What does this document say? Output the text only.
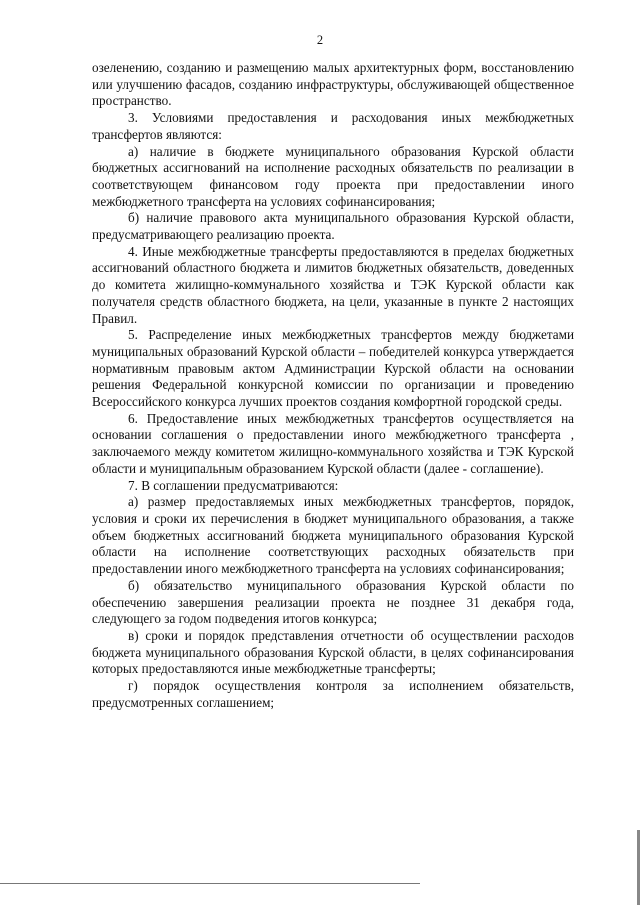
2

озеленению, созданию и размещению малых архитектурных форм, восстановлению или улучшению фасадов, созданию инфраструктуры, обслуживающей общественное пространство.

3. Условиями предоставления и расходования иных межбюджетных трансфертов являются:

а) наличие в бюджете муниципального образования Курской области бюджетных ассигнований на исполнение расходных обязательств по реализации в соответствующем финансовом году проекта при предоставлении иного межбюджетного трансферта на условиях софинансирования;

б) наличие правового акта муниципального образования Курской области, предусматривающего реализацию проекта.

4. Иные межбюджетные трансферты предоставляются в пределах бюджетных ассигнований областного бюджета и лимитов бюджетных обязательств, доведенных до комитета жилищно-коммунального хозяйства и ТЭК Курской области как получателя средств областного бюджета, на цели, указанные в пункте 2 настоящих Правил.

5. Распределение иных межбюджетных трансфертов между бюджетами муниципальных образований Курской области – победителей конкурса утверждается нормативным правовым актом Администрации Курской области на основании решения Федеральной конкурсной комиссии по организации и проведению Всероссийского конкурса лучших проектов создания комфортной городской среды.

6. Предоставление иных межбюджетных трансфертов осуществляется на основании соглашения о предоставлении иного межбюджетного трансферта , заключаемого между комитетом жилищно-коммунального хозяйства и ТЭК Курской области и муниципальным образованием Курской области (далее - соглашение).

7. В соглашении предусматриваются:

а) размер предоставляемых иных межбюджетных трансфертов, порядок, условия и сроки их перечисления в бюджет муниципального образования, а также объем бюджетных ассигнований бюджета муниципального образования Курской области на исполнение соответствующих расходных обязательств при предоставлении иного межбюджетного трансферта на условиях софинансирования;

б) обязательство муниципального образования Курской области по обеспечению завершения реализации проекта не позднее 31 декабря года, следующего за годом подведения итогов конкурса;

в) сроки и порядок представления отчетности об осуществлении расходов бюджета муниципального образования Курской области, в целях софинансирования которых предоставляются иные межбюджетные трансферты;

г) порядок осуществления контроля за исполнением обязательств, предусмотренных соглашением;
